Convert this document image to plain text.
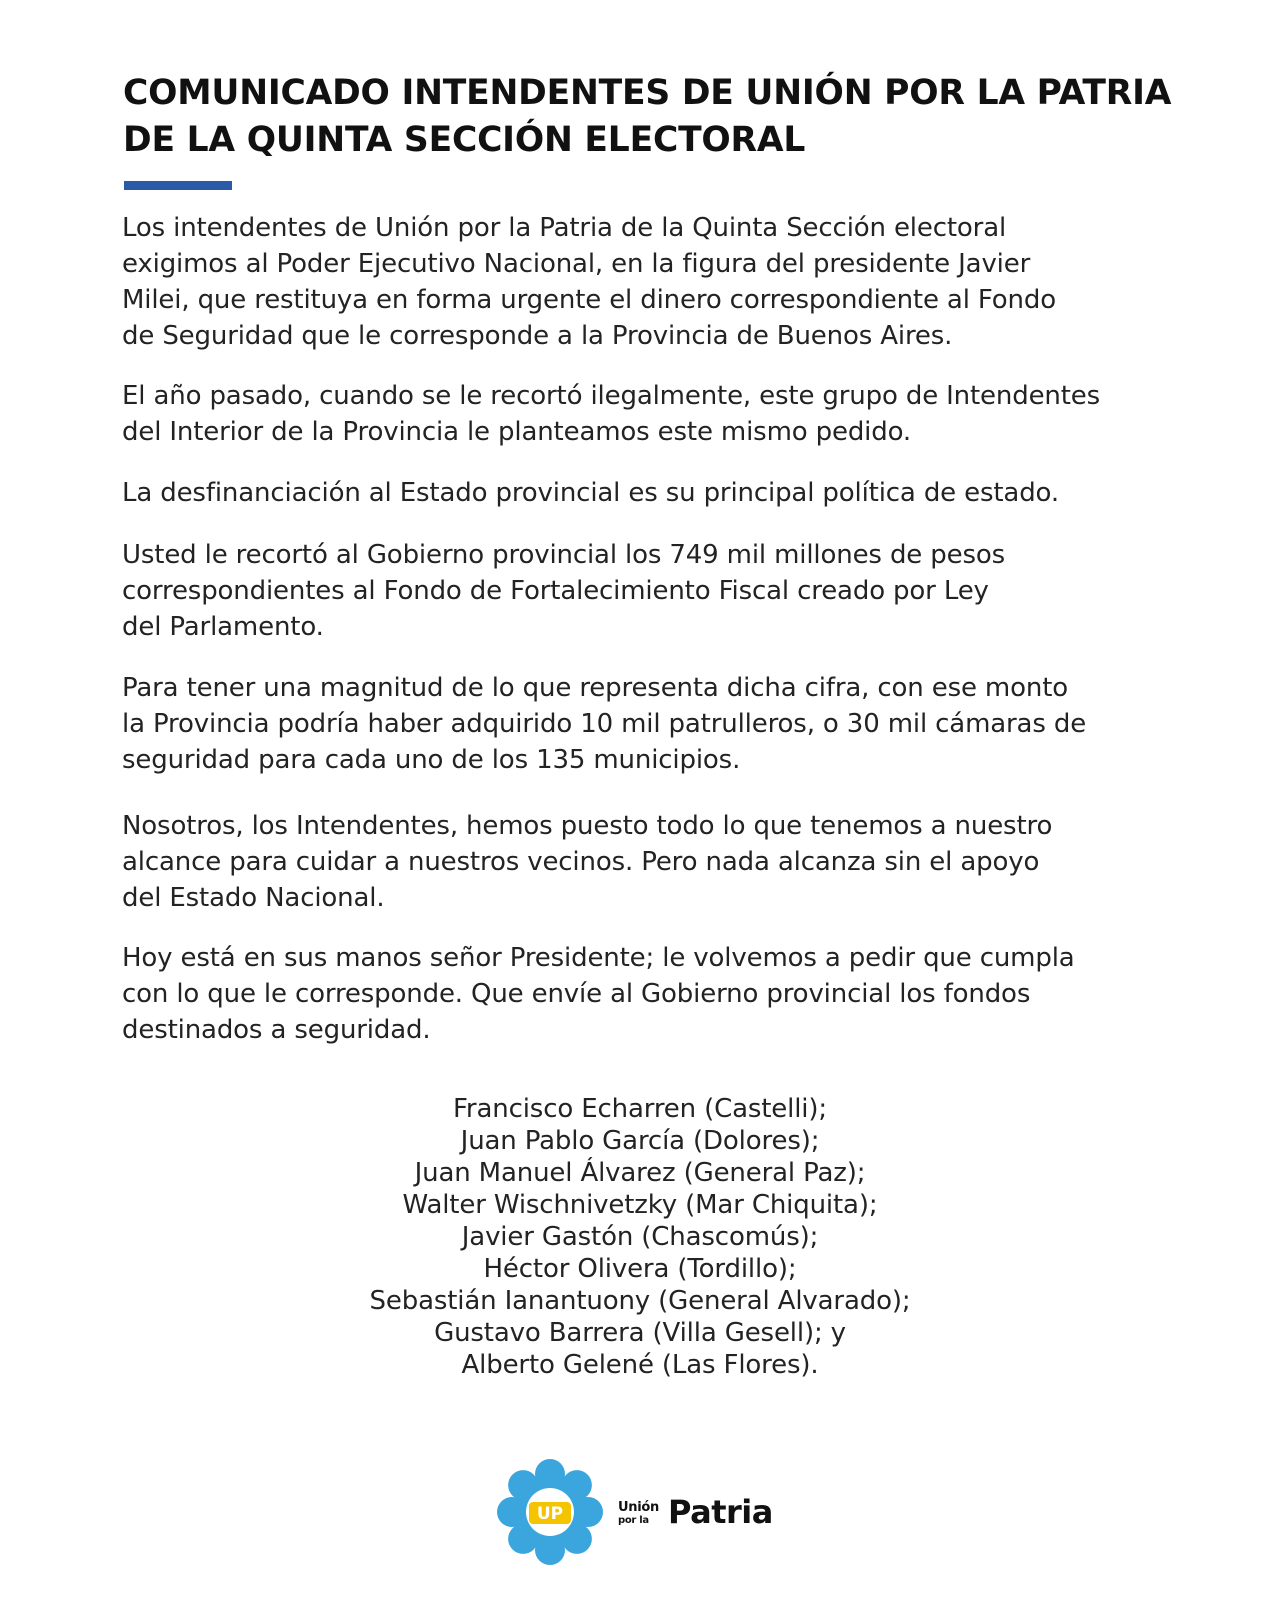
COMUNICADO INTENDENTES DE UNIÓN POR LA PATRIA
DE LA QUINTA SECCIÓN ELECTORAL

Los intendentes de Unión por la Patria de la Quinta Sección electoral
exigimos al Poder Ejecutivo Nacional, en la figura del presidente Javier
Milei, que restituya en forma urgente el dinero correspondiente al Fondo
de Seguridad que le corresponde a la Provincia de Buenos Aires.

El año pasado, cuando se le recortó ilegalmente, este grupo de Intendentes
del Interior de la Provincia le planteamos este mismo pedido.

La desfinanciación al Estado provincial es su principal política de estado.

Usted le recortó al Gobierno provincial los 749 mil millones de pesos
correspondientes al Fondo de Fortalecimiento Fiscal creado por Ley
del Parlamento.

Para tener una magnitud de lo que representa dicha cifra, con ese monto
la Provincia podría haber adquirido 10 mil patrulleros, o 30 mil cámaras de
seguridad para cada uno de los 135 municipios.

Nosotros, los Intendentes, hemos puesto todo lo que tenemos a nuestro
alcance para cuidar a nuestros vecinos. Pero nada alcanza sin el apoyo
del Estado Nacional.

Hoy está en sus manos señor Presidente; le volvemos a pedir que cumpla
con lo que le corresponde. Que envíe al Gobierno provincial los fondos
destinados a seguridad.

Francisco Echarren (Castelli);
Juan Pablo García (Dolores);
Juan Manuel Álvarez (General Paz);
Walter Wischnivetzky (Mar Chiquita);
Javier Gastón (Chascomús);
Héctor Olivera (Tordillo);
Sebastián Ianantuony (General Alvarado);
Gustavo Barrera (Villa Gesell); y
Alberto Gelené (Las Flores).
UP	Unión
por la Patria
